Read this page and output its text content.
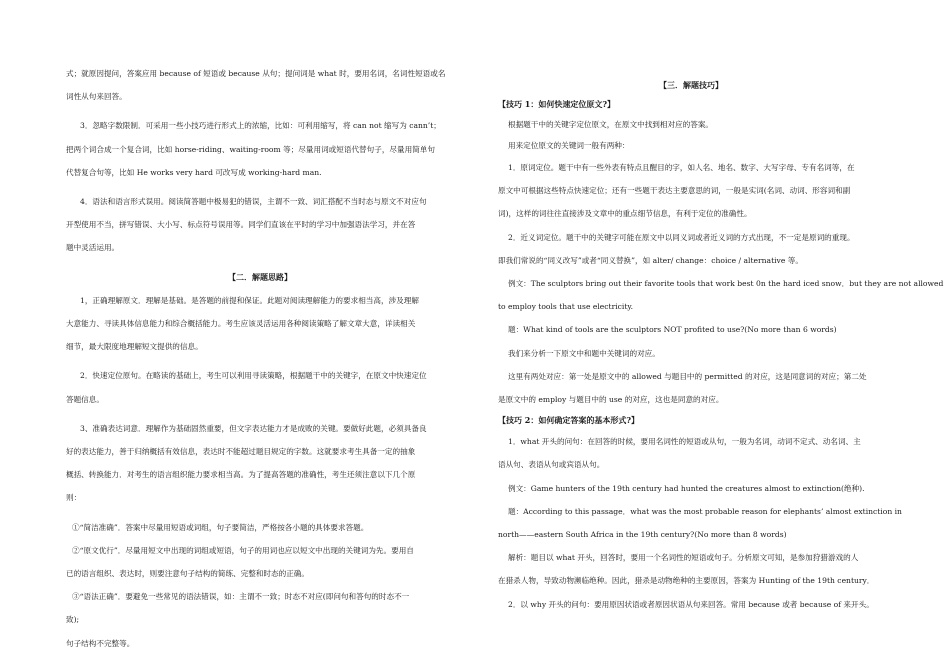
式；就原因提问，答案应用 because of 短语或 because 从句；提问词是 what 时，要用名词，名词性短语或名

词性从句来回答。

3．忽略字数限制．可采用一些小技巧进行形式上的浓缩，比如：可利用缩写，将 can not 缩写为 cann’t；

把两个词合成一个复合词，比如 horse-riding、waiting-room 等；尽量用词或短语代替句子，尽量用简单句

代替复合句等，比如 He works very hard 可改写成 working-hard man.

4．语法和语言形式误用。阅读简答题中极易犯的错误，主谓不一致、词汇搭配不当时态与原文不对应句

开型使用不当，拼写错误、大小写、标点符号误用等。同学们直该在平时的学习中加强语法学习，并在答

题中灵活运用。

【二．解题思路】

1，正确理解原文．理解是基础。是答题的前提和保证。此题对阅读理解能力的要求相当高，涉及理解

大意能力、寻读具体信息能力和综合概括能力。考生应该灵活运用各种阅读策略了解文章大意，详读相关

细节，最大限度地理解短文提供的信息。

2．快速定位原句。在略读的基础上，考生可以利用寻读策略，根据题干中的关键字，在原文中快速定位

答题信息。

3、准确表达词意．理解作为基础固然重要，但文字表达能力才是成败的关键。要做好此题，必须具备良

好的表达能力，善于归纳概括有效信息，表达时不能超过题目规定的字数。这就要求考生具备一定的抽象

概括、转换能力．对考生的语言组织能力要求相当高。为了提高答题的准确性，考生还须注意以下几个原

则：

①“简洁准确”．答案中尽量用短语或词组，句子要简洁，严格按各小题的具体要求答题。

②“原文优行”．尽量用短文中出现的词组或短语，句子的用词也应以短文中出现的关键词为先。要用自

已的语言组织、表达时，则要注意句子结构的简练、完整和时态的正确。

③“语法正确”．要避免一些常见的语法错误，如：主谓不一致；时态不对应(即问句和答句的时态不一

致);

句子结构不完整等。

【三．解题技巧】

【技巧 1：如何快速定位原文?】

根据题干中的关键字定位原文，在原文中找到相对应的答案。

用来定位原文的关键词一般有两种：

1．原词定位。题干中有一些外表有特点且醒目的字，如人名、地名、数字、大写字母、专有名词等，在

原文中可根据这些特点快速定位；还有一些题干表达主要意思的词，一般是实词(名词、动词、形容词和副

词)，这样的词往往直接涉及文章中的重点细节信息，有利于定位的准确性。

2．近义词定位。题干中的关键字可能在原文中以同义词或者近义词的方式出现，不一定是原词的重现。

即我们常说的“同义改写”或者“同义替换”，如 alter/ change：choice / alternative 等。

例文：The sculptors bring out their favorite tools that work best 0n the hard iced snow．but they are not allowed

to employ tools that use electricity.

题：What kind of tools are the sculptors NOT profited to use?(No more than 6 words)

我们来分析一下原文中和题中关键词的对应。

这里有两处对应：第一处是原文中的 allowed 与题目中的 permitted 的对应，这是同意词的对应；第二处

是原文中的 employ 与题目中的 use 的对应，这也是同意的对应。

【技巧 2：如何确定答案的基本形式?】

1．what 开头的问句：在回答的时候，要用名词性的短语或从句，一般为名词，动词不定式、动名词、主

语从句、表语从句或宾语从句。

例文：Game hunters of the 19th century had hunted the creatures almost to extinction(绝种).

题：According to this passage．what was the most probable reason for elephants’ almost extinction in

north——eastern South Africa in the 19th century?(No more than 8 words)

解析：题目以 what 开头，回答时，要用一个名词性的短语或句子。分析原文可知，是参加狩猎游戏的人

在猎杀人物，导致动物濒临绝种。因此，猎杀是动物绝种的主要原因，答案为 Hunting of the 19th century．

2．以 why 开头的问句：要用原因状语或者原因状语从句来回答。常用 because 或者 because of 来开头。
